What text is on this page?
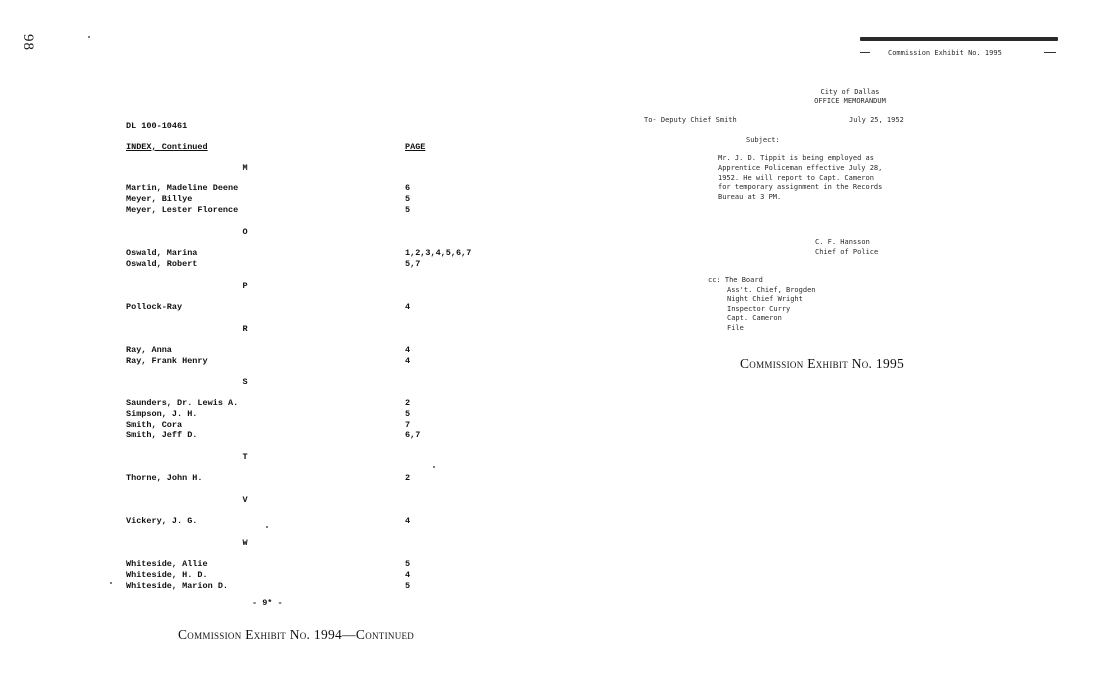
98
DL 100-10461
INDEX, Continued	PAGE
M
Martin, Madeline Deene	6
Meyer, Billye	5
Meyer, Lester Florence	5
O
Oswald, Marina	1,2,3,4,5,6,7
Oswald, Robert	5,7
P
Pollock-Ray	4
R
Ray, Anna	4
Ray, Frank Henry	4
S
Saunders, Dr. Lewis A.	2
Simpson, J. H.	5
Smith, Cora	7
Smith, Jeff D.	6,7
T
Thorne, John H.	2
V
Vickery, J. G.	4
W
Whiteside, Allie	5
Whiteside, H. D.	4
Whiteside, Marion D.	5
- 9* -
Commission Exhibit No. 1994—Continued
Commission Exhibit No. 1995
City of Dallas
OFFICE MEMORANDUM
To- Deputy Chief Smith	July 25, 1952
Subject:
Mr. J. D. Tippit is being employed as
Apprentice Policeman effective July 28,
1952. He will report to Capt. Cameron
for temporary assignment in the Records
Bureau at 3 PM.
C. F. Hansson
Chief of Police
cc: The Board
Ass't. Chief, Brogden
Night Chief Wright
Inspector Curry
Capt. Cameron
File
Commission Exhibit No. 1995
